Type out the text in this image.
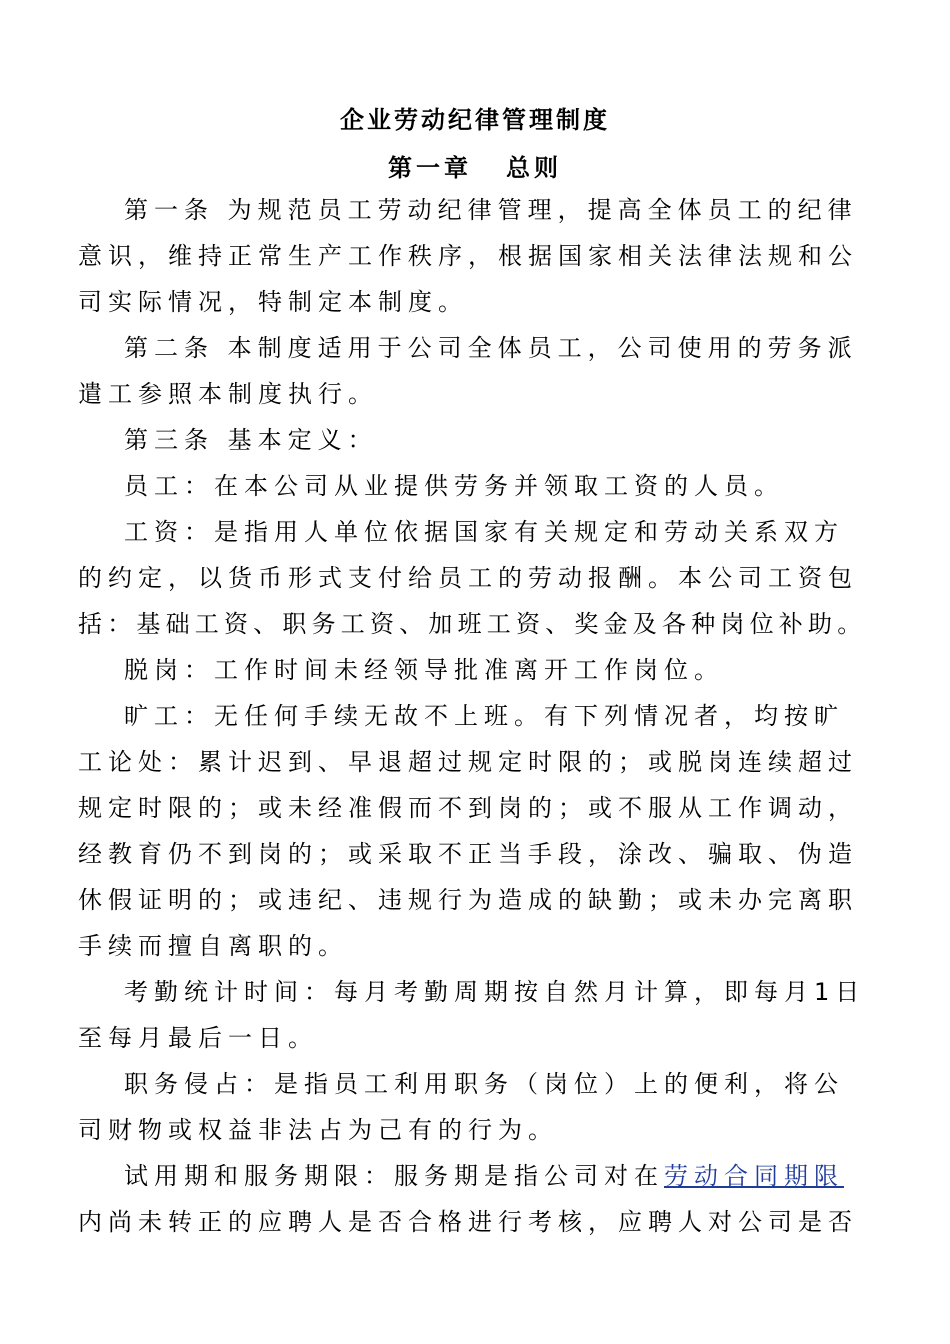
企业劳动纪律管理制度
第一章 总则
第一条 为规范员工劳动纪律管理，提高全体员工的纪律
意识，维持正常生产工作秩序，根据国家相关法律法规和公
司实际情况，特制定本制度。
第二条 本制度适用于公司全体员工，公司使用的劳务派
遣工参照本制度执行。
第三条 基本定义：
员工：在本公司从业提供劳务并领取工资的人员。
工资：是指用人单位依据国家有关规定和劳动关系双方
的约定，以货币形式支付给员工的劳动报酬。本公司工资包
括：基础工资、职务工资、加班工资、奖金及各种岗位补助。
脱岗：工作时间未经领导批准离开工作岗位。
旷工：无任何手续无故不上班。有下列情况者，均按旷
工论处：累计迟到、早退超过规定时限的；或脱岗连续超过
规定时限的；或未经准假而不到岗的；或不服从工作调动，
经教育仍不到岗的；或采取不正当手段，涂改、骗取、伪造
休假证明的；或违纪、违规行为造成的缺勤；或未办完离职
手续而擅自离职的。
考勤统计时间：每月考勤周期按自然月计算，即每月1日
至每月最后一日。
职务侵占：是指员工利用职务（岗位）上的便利，将公
司财物或权益非法占为己有的行为。
试用期和服务期限：服务期是指公司对在劳动合同期限
内尚未转正的应聘人是否合格进行考核，应聘人对公司是否
